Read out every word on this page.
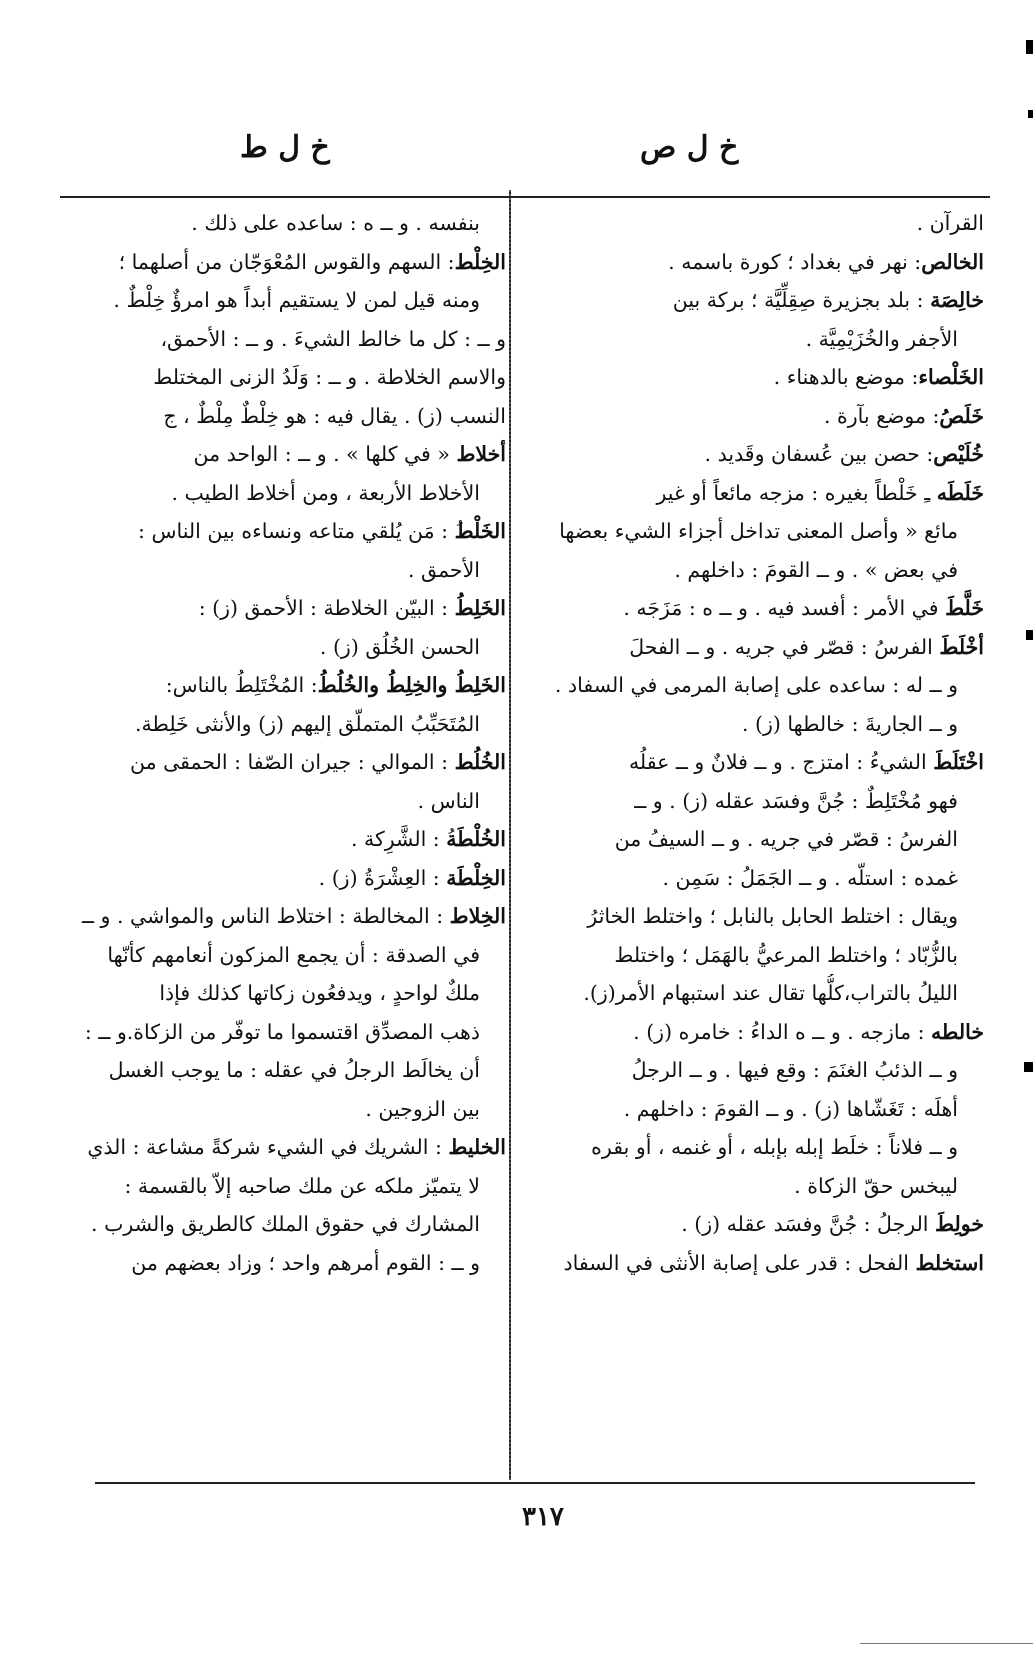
خ ل ص
خ ل ط
القرآن .
الخالص: نهر في بغداد ؛ كورة باسمه .
خالِصَة : بلد بجزيرة صِقِلِّيَّة ؛ بركة بين
الأجفر والخُزَيْمِيَّة .
الخَلْصاء: موضع بالدهناء .
خَلَصُ: موضع بآرة .
خُلَيْص: حصن بين عُسفان وقَديد .
خَلَطَه ـِ خَلْطاً بغيره : مزجه مائعاً أو غير
مائع « وأصل المعنى تداخل أجزاء الشيء بعضها
في بعض » . و ــ القومَ : داخلهم .
خَلَّطَ في الأمر : أفسد فيه . و ــ ه : مَزَجَه .
أخْلَطَ الفرسُ : قصّر في جريه . و ــ الفحلَ
و ــ له : ساعده على إصابة المرمى في السفاد .
و ــ الجاريةَ : خالطها (ز) .
اخْتَلَطَ الشيءُ : امتزج . و ــ فلانٌ و ــ عقلُه
فهو مُخْتَلِطٌ : جُنَّ وفسَد عقله (ز) . و ــ
الفرسُ : قصّر في جريه . و ــ السيفُ من
غمده : استلّه . و ــ الجَمَلُ : سَمِن .
ويقال : اختلط الحابل بالنابل ؛ واختلط الخاثرُ
بالزُّبّاد ؛ واختلط المرعيُّ بالهَمَل ؛ واختلط
الليلُ بالتراب،كلُّها تقال عند استبهام الأمر(ز).
خالطه : مازجه . و ــ ه الداءُ : خامره (ز) .
و ــ الذئبُ الغنَمَ : وقع فيها . و ــ الرجلُ
أهلَه : تَغَشّاها (ز) . و ــ القومَ : داخلهم .
و ــ فلاناً : خلَط إبله بإبله ، أو غنمه ، أو بقره
ليبخس حقّ الزكاة .
خولِطَ الرجلُ : جُنَّ وفسَد عقله (ز) .
استخلط الفحل : قدر على إصابة الأنثى في السفاد
بنفسه . و ــ ه : ساعده على ذلك .
الخِلْط: السهم والقوس المُعْوَجّان من أصلهما ؛
ومنه قيل لمن لا يستقيم أبداً هو امرؤٌ خِلْطٌ .
و ــ : كل ما خالط الشيءَ . و ــ : الأحمق،
والاسم الخلاطة . و ــ : وَلَدُ الزنى المختلط
النسب (ز) . يقال فيه : هو خِلْطٌ مِلْطٌ ، ج
أخلاط « في كلها » . و ــ : الواحد من
الأخلاط الأربعة ، ومن أخلاط الطيب .
الخَلْطُ : مَن يُلقي متاعه ونساءه بين الناس :
الأحمق .
الخَلِطُ : البيّن الخلاطة : الأحمق (ز) :
الحسن الخُلُق (ز) .
الخَلِطُ والخِلِطُ والخُلُطُ: المُخْتَلِطُ بالناس:
المُتَحَبِّبُ المتملّق إليهم (ز) والأنثى خَلِطة.
الخُلُط : الموالي : جيران الصّفا : الحمقى من
الناس .
الخُلْطَةُ : الشَّرِكة .
الخِلْطَة : العِشْرَةُ (ز) .
الخِلاط : المخالطة : اختلاط الناس والمواشي . و ــ
في الصدقة : أن يجمع المزكون أنعامهم كأنّها
ملكٌ لواحدٍ ، ويدفعُون زكاتها كذلك فإذا
ذهب المصدِّق اقتسموا ما توفّر من الزكاة.و ــ :
أن يخالَط الرجلُ في عقله : ما يوجب الغسل
بين الزوجين .
الخليط : الشريك في الشيء شركةً مشاعة : الذي
لا يتميّز ملكه عن ملك صاحبه إلاّ بالقسمة :
المشارك في حقوق الملك كالطريق والشرب .
و ــ : القوم أمرهم واحد ؛ وزاد بعضهم من
٣١٧
